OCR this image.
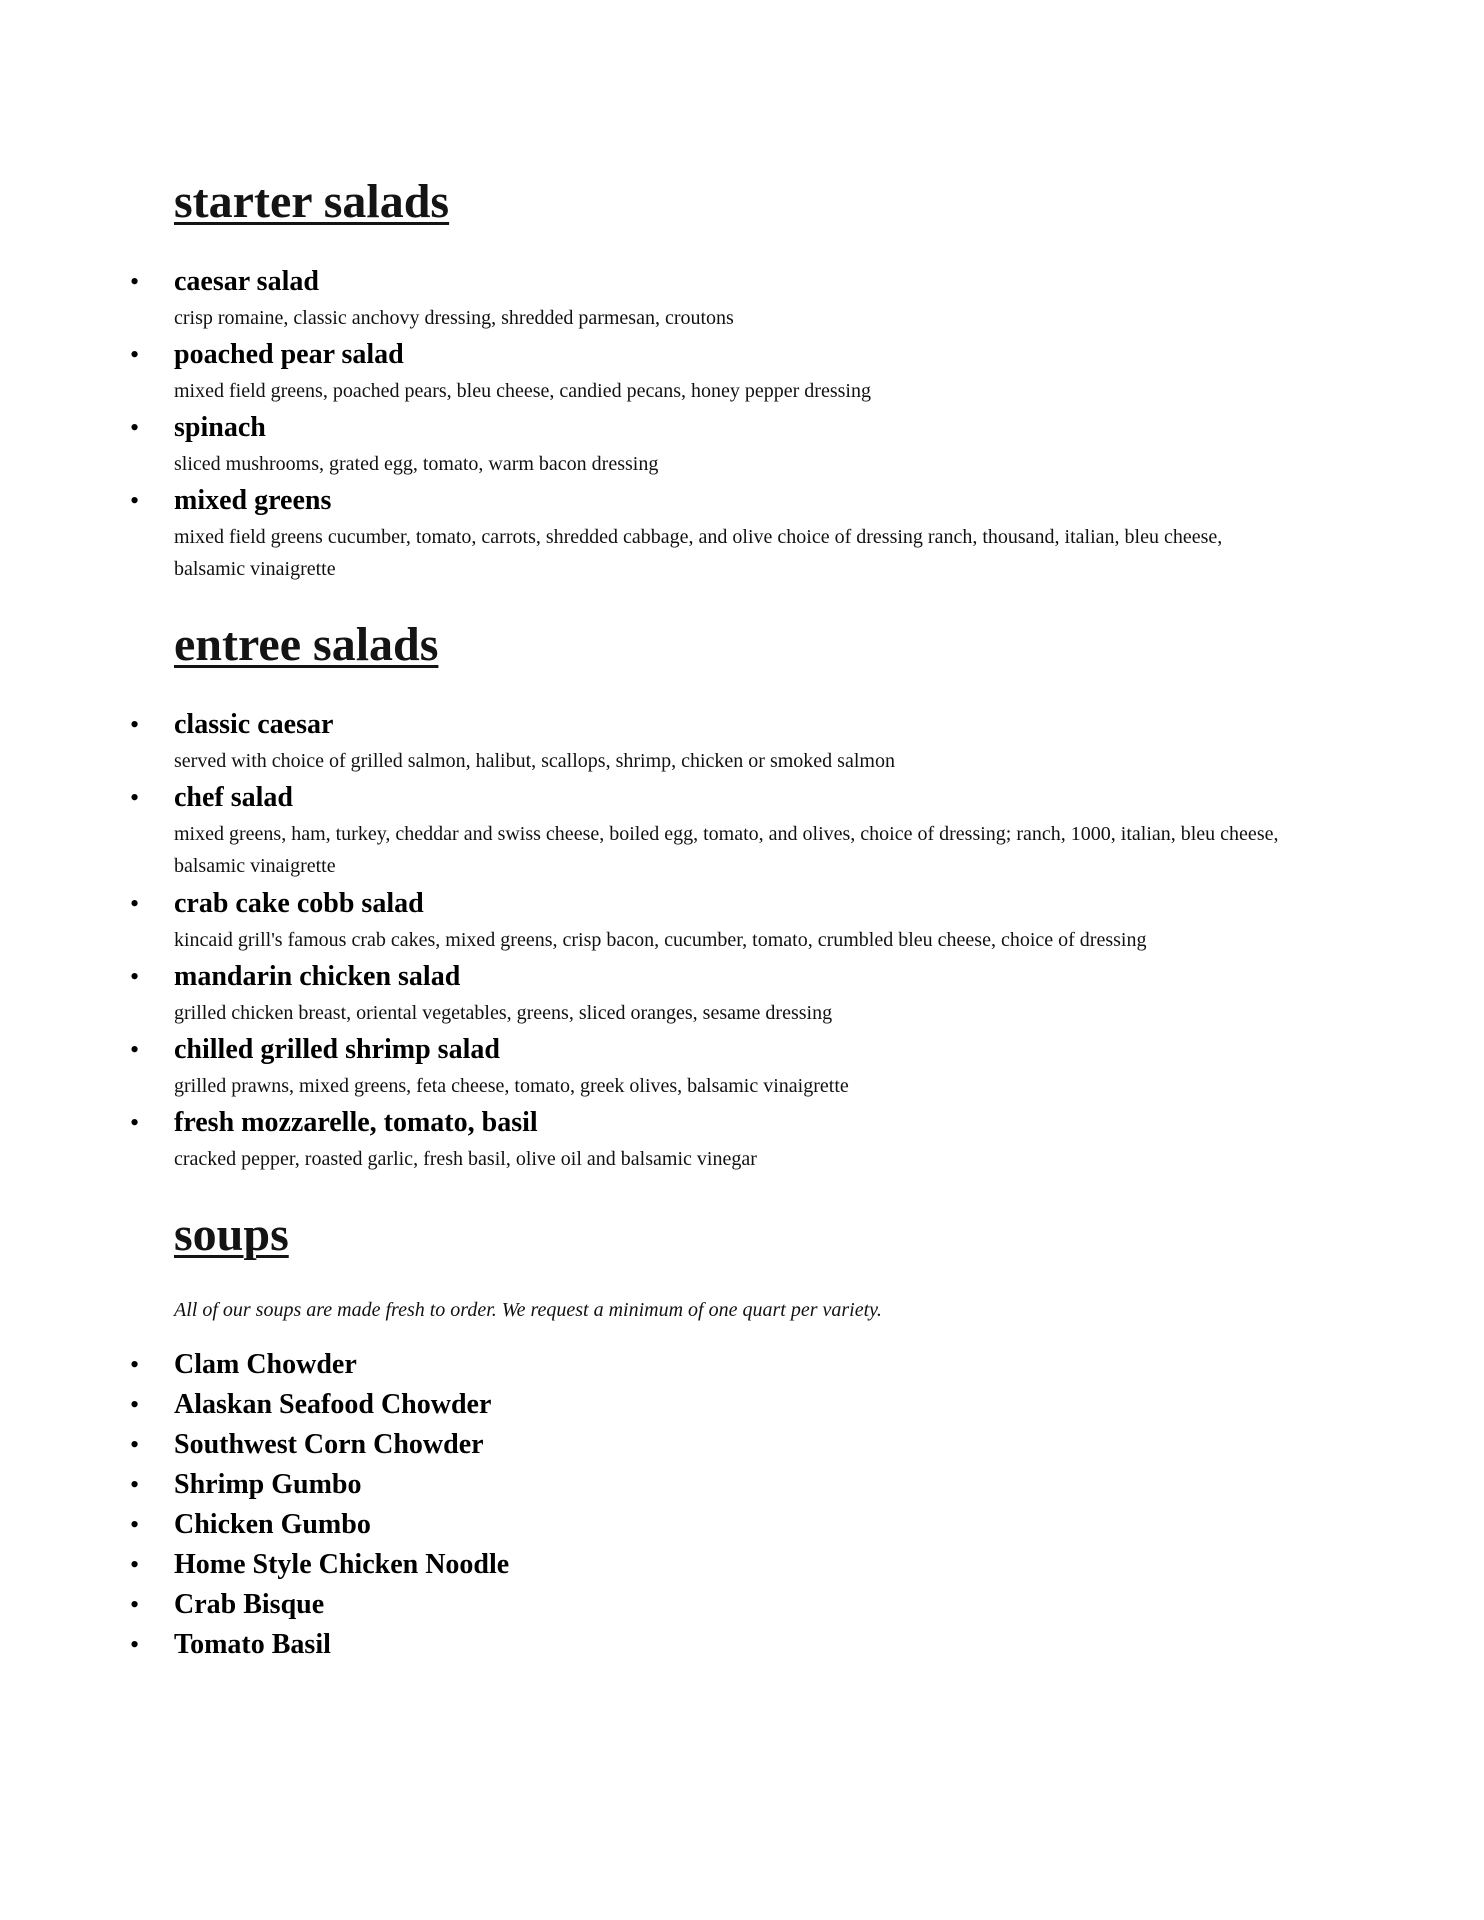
starter salads
• caesar salad
crisp romaine, classic anchovy dressing, shredded parmesan, croutons
• poached pear salad
mixed field greens, poached pears, bleu cheese, candied pecans, honey pepper dressing
• spinach
sliced mushrooms, grated egg, tomato, warm bacon dressing
• mixed greens
mixed field greens cucumber, tomato, carrots, shredded cabbage, and olive choice of dressing ranch, thousand, italian, bleu cheese, balsamic vinaigrette
entree salads
• classic caesar
served with choice of grilled salmon, halibut, scallops, shrimp, chicken or smoked salmon
• chef salad
mixed greens, ham, turkey, cheddar and swiss cheese, boiled egg, tomato, and olives, choice of dressing; ranch, 1000, italian, bleu cheese, balsamic vinaigrette
• crab cake cobb salad
kincaid grill's famous crab cakes, mixed greens, crisp bacon, cucumber, tomato, crumbled bleu cheese, choice of dressing
• mandarin chicken salad
grilled chicken breast, oriental vegetables, greens, sliced oranges, sesame dressing
• chilled grilled shrimp salad
grilled prawns, mixed greens, feta cheese, tomato, greek olives, balsamic vinaigrette
• fresh mozzarelle, tomato, basil
cracked pepper, roasted garlic, fresh basil, olive oil and balsamic vinegar
soups

All of our soups are made fresh to order. We request a minimum of one quart per variety.

• Clam Chowder
• Alaskan Seafood Chowder
• Southwest Corn Chowder
• Shrimp Gumbo
• Chicken Gumbo
• Home Style Chicken Noodle
• Crab Bisque
• Tomato Basil
